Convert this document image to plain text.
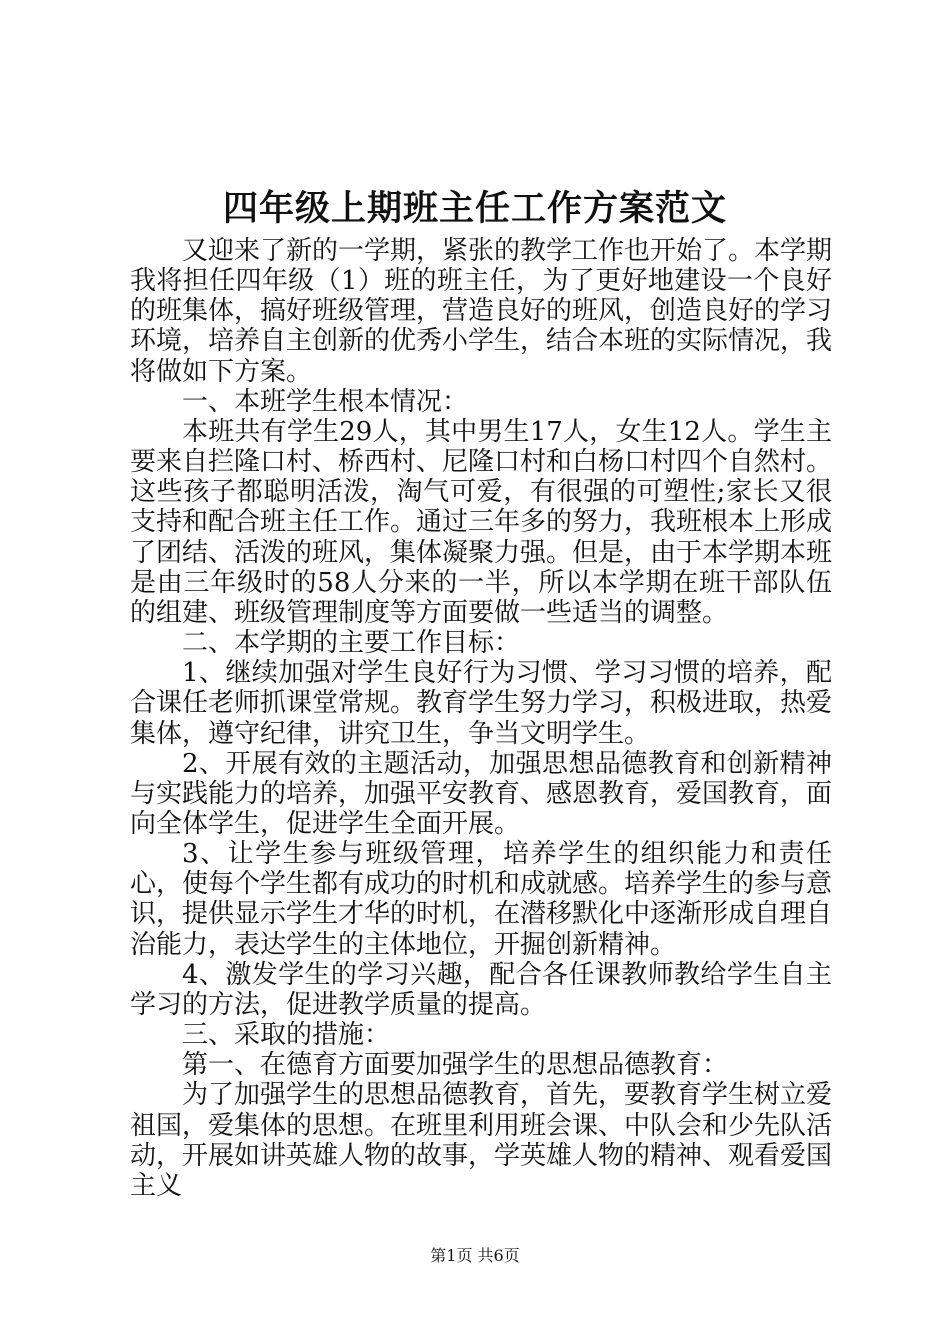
四年级上期班主任工作方案范文

又迎来了新的一学期，紧张的教学工作也开始了。本学期我将担任四年级（1）班的班主任，为了更好地建设一个良好的班集体，搞好班级管理，营造良好的班风，创造良好的学习环境，培养自主创新的优秀小学生，结合本班的实际情况，我将做如下方案。

一、本班学生根本情况：

本班共有学生29人，其中男生17人，女生12人。学生主要来自拦隆口村、桥西村、尼隆口村和白杨口村四个自然村。这些孩子都聪明活泼，淘气可爱，有很强的可塑性;家长又很支持和配合班主任工作。通过三年多的努力，我班根本上形成了团结、活泼的班风，集体凝聚力强。但是，由于本学期本班是由三年级时的58人分来的一半，所以本学期在班干部队伍的组建、班级管理制度等方面要做一些适当的调整。

二、本学期的主要工作目标：

1、继续加强对学生良好行为习惯、学习习惯的培养，配合课任老师抓课堂常规。教育学生努力学习，积极进取，热爱集体，遵守纪律，讲究卫生，争当文明学生。

2、开展有效的主题活动，加强思想品德教育和创新精神与实践能力的培养，加强平安教育、感恩教育，爱国教育，面向全体学生，促进学生全面开展。

3、让学生参与班级管理，培养学生的组织能力和责任心，使每个学生都有成功的时机和成就感。培养学生的参与意识，提供显示学生才华的时机，在潜移默化中逐渐形成自理自治能力，表达学生的主体地位，开掘创新精神。

4、激发学生的学习兴趣，配合各任课教师教给学生自主学习的方法，促进教学质量的提高。

三、采取的措施：

第一、在德育方面要加强学生的思想品德教育：

为了加强学生的思想品德教育，首先，要教育学生树立爱祖国，爱集体的思想。在班里利用班会课、中队会和少先队活动，开展如讲英雄人物的故事，学英雄人物的精神、观看爱国主义

第1页 共6页
